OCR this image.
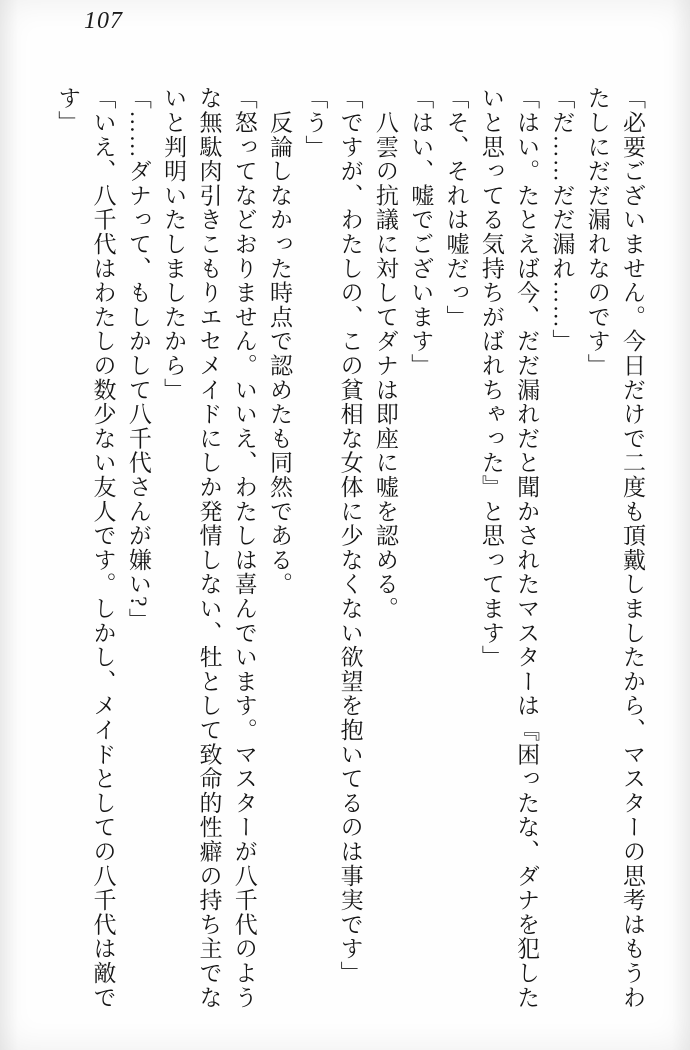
107

「必要ございません。今日だけで二度も頂戴しましたから、マスターの思考はもうわ

たしにだだ漏れなのです」

「だ……だだ漏れ……」

「はい。たとえば今、だだ漏れだと聞かされたマスターは『困ったな、ダナを犯した

いと思ってる気持ちがばれちゃった』と思ってます」

「そ、それは嘘だっ」

「はい、嘘でございます」

　八雲の抗議に対してダナは即座に嘘を認める。

「ですが、わたしの、この貧相な女体に少なくない欲望を抱いてるのは事実です」

「う」

　反論しなかった時点で認めたも同然である。

「怒ってなどおりません。いいえ、わたしは喜んでいます。マスターが八千代のよう

な無駄肉引きこもりエセメイドにしか発情しない、牡として致命的性癖の持ち主でな

いと判明いたしましたから」

「……ダナって、もしかして八千代さんが嫌い?」

「いえ、八千代はわたしの数少ない友人です。しかし、メイドとしての八千代は敵で

す」
